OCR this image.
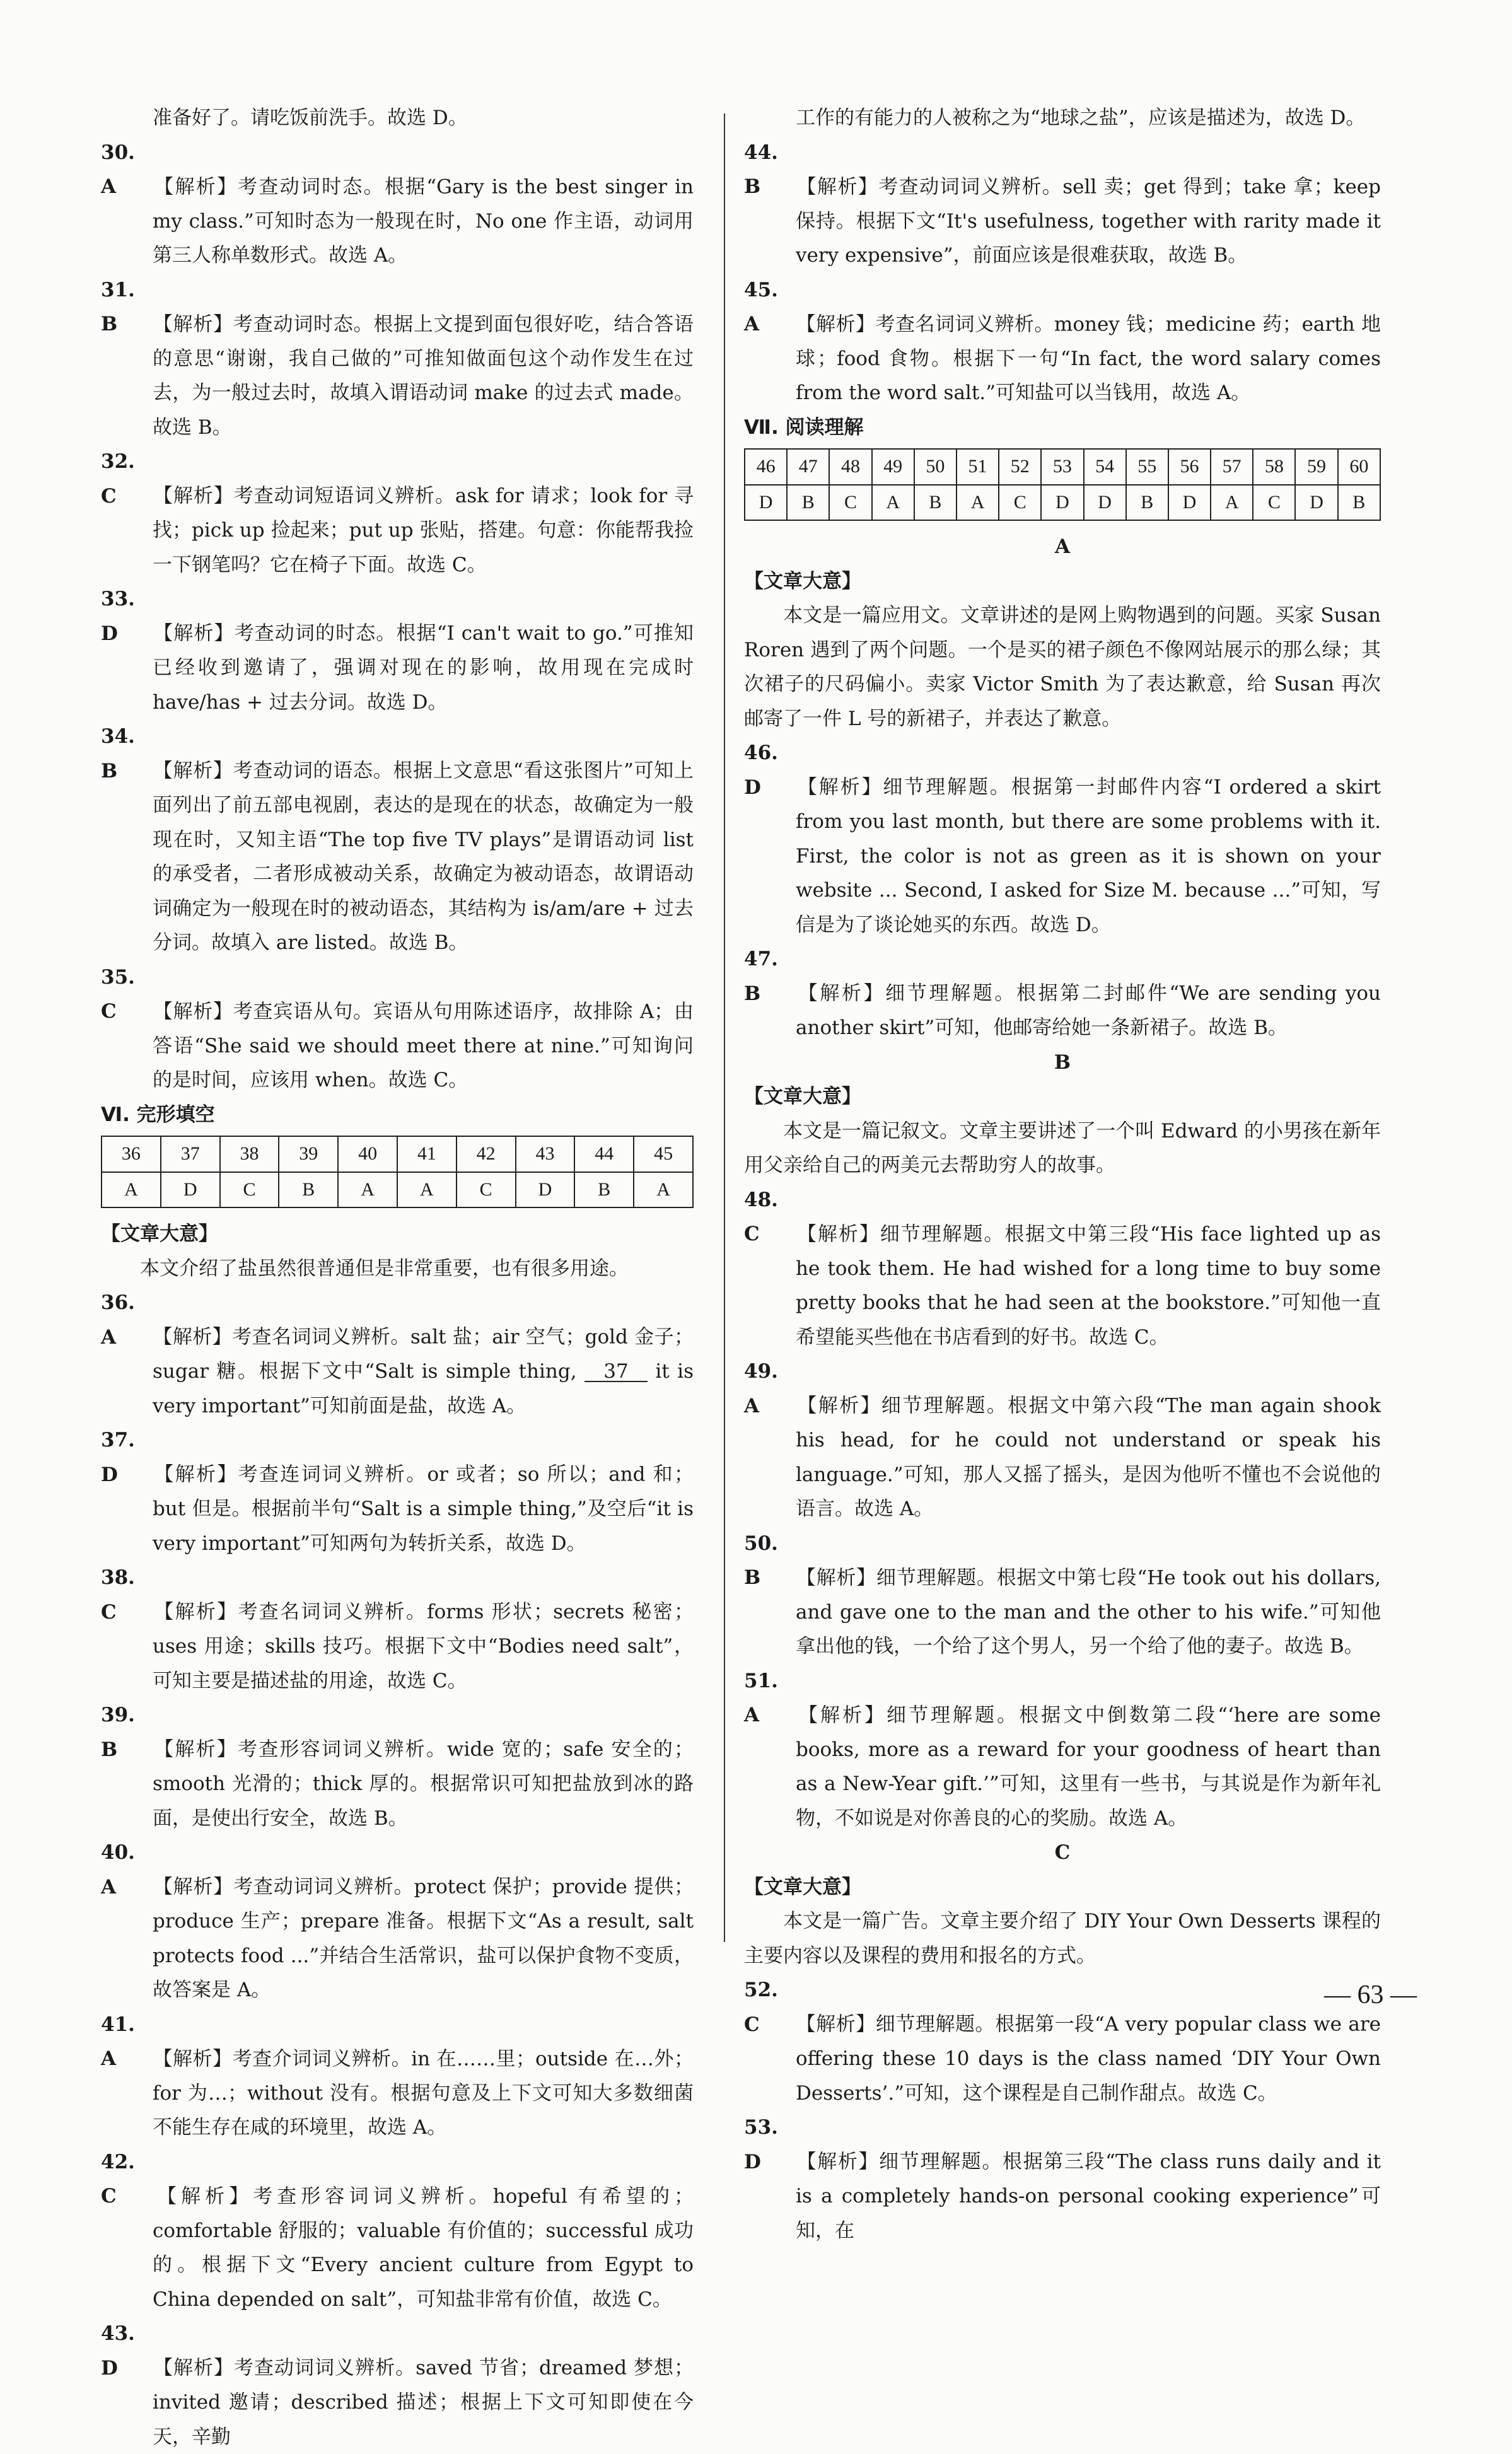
准备好了。请吃饭前洗手。故选 D。

30. A 【解析】考查动词时态。根据“Gary is the best singer in my class.”可知时态为一般现在时，No one 作主语，动词用第三人称单数形式。故选 A。

31. B 【解析】考查动词时态。根据上文提到面包很好吃，结合答语的意思“谢谢，我自己做的”可推知做面包这个动作发生在过去，为一般过去时，故填入谓语动词 make 的过去式 made。故选 B。

32. C 【解析】考查动词短语词义辨析。ask for 请求；look for 寻找；pick up 捡起来；put up 张贴，搭建。句意：你能帮我捡一下钢笔吗？它在椅子下面。故选 C。

33. D 【解析】考查动词的时态。根据“I can't wait to go.”可推知已经收到邀请了，强调对现在的影响，故用现在完成时 have/has + 过去分词。故选 D。

34. B 【解析】考查动词的语态。根据上文意思“看这张图片”可知上面列出了前五部电视剧，表达的是现在的状态，故确定为一般现在时，又知主语“The top five TV plays”是谓语动词 list 的承受者，二者形成被动关系，故确定为被动语态，故谓语动词确定为一般现在时的被动语态，其结构为 is/am/are + 过去分词。故填入 are listed。故选 B。

35. C 【解析】考查宾语从句。宾语从句用陈述语序，故排除 A；由答语“She said we should meet there at nine.”可知询问的是时间，应该用 when。故选 C。

Ⅵ. 完形填空

36	37	38	39	40	41	42	43	44	45
A	D	C	B	A	A	C	D	B	A

【文章大意】

本文介绍了盐虽然很普通但是非常重要，也有很多用途。

36. A 【解析】考查名词词义辨析。salt 盐；air 空气；gold 金子；sugar 糖。根据下文中“Salt is simple thing, 37 it is very important”可知前面是盐，故选 A。

37. D 【解析】考查连词词义辨析。or 或者；so 所以；and 和；but 但是。根据前半句“Salt is a simple thing,”及空后“it is very important”可知两句为转折关系，故选 D。

38. C 【解析】考查名词词义辨析。forms 形状；secrets 秘密；uses 用途；skills 技巧。根据下文中“Bodies need salt”，可知主要是描述盐的用途，故选 C。

39. B 【解析】考查形容词词义辨析。wide 宽的；safe 安全的；smooth 光滑的；thick 厚的。根据常识可知把盐放到冰的路面，是使出行安全，故选 B。

40. A 【解析】考查动词词义辨析。protect 保护；provide 提供；produce 生产；prepare 准备。根据下文“As a result, salt protects food ...”并结合生活常识，盐可以保护食物不变质，故答案是 A。

41. A 【解析】考查介词词义辨析。in 在……里；outside 在…外；for 为…；without 没有。根据句意及上下文可知大多数细菌不能生存在咸的环境里，故选 A。

42. C 【解析】考查形容词词义辨析。hopeful 有希望的；comfortable 舒服的；valuable 有价值的；successful 成功的。根据下文“Every ancient culture from Egypt to China depended on salt”，可知盐非常有价值，故选 C。

43. D 【解析】考查动词词义辨析。saved 节省；dreamed 梦想；invited 邀请；described 描述；根据上下文可知即使在今天，辛勤

工作的有能力的人被称之为“地球之盐”，应该是描述为，故选 D。

44. B 【解析】考查动词词义辨析。sell 卖；get 得到；take 拿；keep 保持。根据下文“It's usefulness, together with rarity made it very expensive”，前面应该是很难获取，故选 B。

45. A 【解析】考查名词词义辨析。money 钱；medicine 药；earth 地球；food 食物。根据下一句“In fact, the word salary comes from the word salt.”可知盐可以当钱用，故选 A。

Ⅶ. 阅读理解

46	47	48	49	50	51	52	53	54	55	56	57	58	59	60
D	B	C	A	B	A	C	D	D	B	D	A	C	D	B

A

【文章大意】

本文是一篇应用文。文章讲述的是网上购物遇到的问题。买家 Susan Roren 遇到了两个问题。一个是买的裙子颜色不像网站展示的那么绿；其次裙子的尺码偏小。卖家 Victor Smith 为了表达歉意，给 Susan 再次邮寄了一件 L 号的新裙子，并表达了歉意。

46. D 【解析】细节理解题。根据第一封邮件内容“I ordered a skirt from you last month, but there are some problems with it. First, the color is not as green as it is shown on your website ... Second, I asked for Size M. because ...”可知，写信是为了谈论她买的东西。故选 D。

47. B 【解析】细节理解题。根据第二封邮件“We are sending you another skirt”可知，他邮寄给她一条新裙子。故选 B。

B

【文章大意】

本文是一篇记叙文。文章主要讲述了一个叫 Edward 的小男孩在新年用父亲给自己的两美元去帮助穷人的故事。

48. C 【解析】细节理解题。根据文中第三段“His face lighted up as he took them. He had wished for a long time to buy some pretty books that he had seen at the bookstore.”可知他一直希望能买些他在书店看到的好书。故选 C。

49. A 【解析】细节理解题。根据文中第六段“The man again shook his head, for he could not understand or speak his language.”可知，那人又摇了摇头，是因为他听不懂也不会说他的语言。故选 A。

50. B 【解析】细节理解题。根据文中第七段“He took out his dollars, and gave one to the man and the other to his wife.”可知他拿出他的钱，一个给了这个男人，另一个给了他的妻子。故选 B。

51. A 【解析】细节理解题。根据文中倒数第二段“‘here are some books, more as a reward for your goodness of heart than as a New-Year gift.’”可知，这里有一些书，与其说是作为新年礼物，不如说是对你善良的心的奖励。故选 A。

C

【文章大意】

本文是一篇广告。文章主要介绍了 DIY Your Own Desserts 课程的主要内容以及课程的费用和报名的方式。

52. C 【解析】细节理解题。根据第一段“A very popular class we are offering these 10 days is the class named ‘DIY Your Own Desserts’.”可知，这个课程是自己制作甜点。故选 C。

53. D 【解析】细节理解题。根据第三段“The class runs daily and it is a completely hands-on personal cooking experience”可知，在

— 63 —
